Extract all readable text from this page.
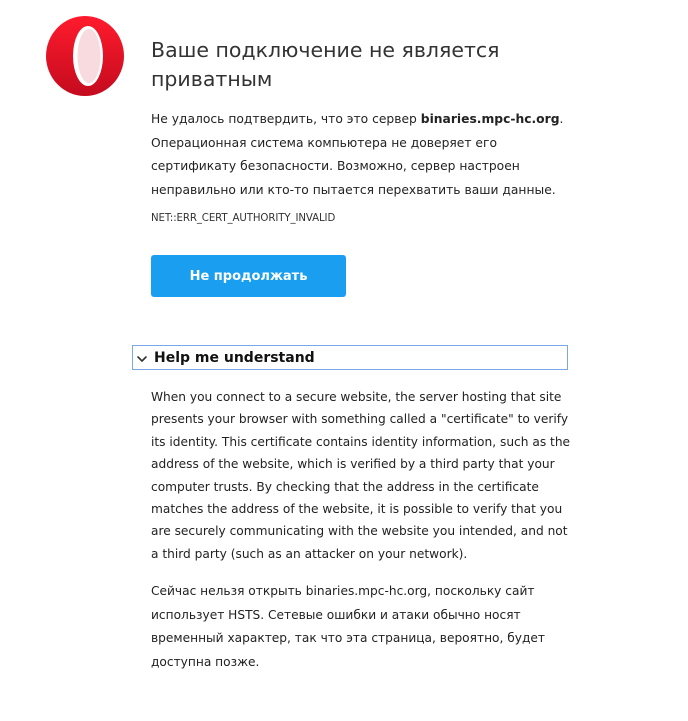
Ваше подключение не является приватным

Не удалось подтвердить, что это сервер binaries.mpc-hc.org. Операционная система компьютера не доверяет его сертификату безопасности. Возможно, сервер настроен неправильно или кто-то пытается перехватить ваши данные.

NET::ERR_CERT_AUTHORITY_INVALID
Не продолжать
Help me understand

When you connect to a secure website, the server hosting that site presents your browser with something called a "certificate" to verify its identity. This certificate contains identity information, such as the address of the website, which is verified by a third party that your computer trusts. By checking that the address in the certificate matches the address of the website, it is possible to verify that you are securely communicating with the website you intended, and not a third party (such as an attacker on your network).

Сейчас нельзя открыть binaries.mpc-hc.org, поскольку сайт использует HSTS. Сетевые ошибки и атаки обычно носят временный характер, так что эта страница, вероятно, будет доступна позже.
